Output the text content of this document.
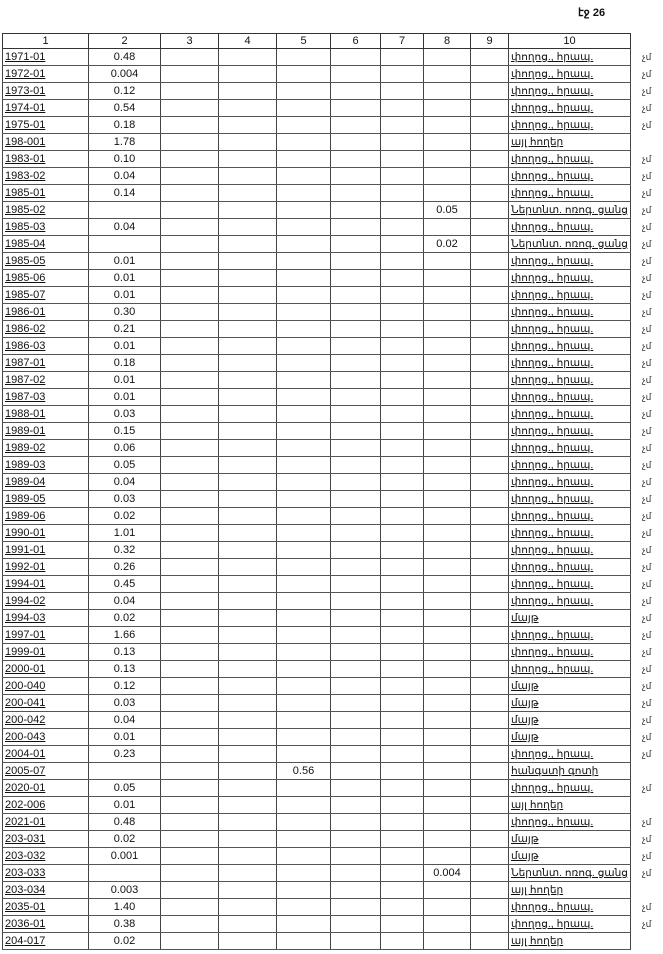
էջ 26
1	2	3	4	5	6	7	8	9	10
1971-01	0.48								փողոց., հրապ.
1972-01	0.004								փողոց., հրապ.
1973-01	0.12								փողոց., հրապ.
1974-01	0.54								փողոց., հրապ.
1975-01	0.18								փողոց., հրապ.
198-001	1.78								այլ հողեր
1983-01	0.10								փողոց., հրապ.
1983-02	0.04								փողոց., հրապ.
1985-01	0.14								փողոց., հրապ.
1985-02							0.05		Ներտնտ. ոռոգ. ցանց
1985-03	0.04								փողոց., հրապ.
1985-04							0.02		Ներտնտ. ոռոգ. ցանց
1985-05	0.01								փողոց., հրապ.
1985-06	0.01								փողոց., հրապ.
1985-07	0.01								փողոց., հրապ.
1986-01	0.30								փողոց., հրապ.
1986-02	0.21								փողոց., հրապ.
1986-03	0.01								փողոց., հրապ.
1987-01	0.18								փողոց., հրապ.
1987-02	0.01								փողոց., հրապ.
1987-03	0.01								փողոց., հրապ.
1988-01	0.03								փողոց., հրապ.
1989-01	0.15								փողոց., հրապ.
1989-02	0.06								փողոց., հրապ.
1989-03	0.05								փողոց., հրապ.
1989-04	0.04								փողոց., հրապ.
1989-05	0.03								փողոց., հրապ.
1989-06	0.02								փողոց., հրապ.
1990-01	1.01								փողոց., հրապ.
1991-01	0.32								փողոց., հրապ.
1992-01	0.26								փողոց., հրապ.
1994-01	0.45								փողոց., հրապ.
1994-02	0.04								փողոց., հրապ.
1994-03	0.02								մայթ
1997-01	1.66								փողոց., հրապ.
1999-01	0.13								փողոց., հրապ.
2000-01	0.13								փողոց., հրապ.
200-040	0.12								մայթ
200-041	0.03								մայթ
200-042	0.04								մայթ
200-043	0.01								մայթ
2004-01	0.23								փողոց., հրապ.
2005-07				0.56					հանգստի գոտի
2020-01	0.05								փողոց., հրապ.
202-006	0.01								այլ հողեր
2021-01	0.48								փողոց., հրապ.
203-031	0.02								մայթ
203-032	0.001								մայթ
203-033							0.004		Ներտնտ. ոռոգ. ցանց
203-034	0.003								այլ հողեր
2035-01	1.40								փողոց., հրապ.
2036-01	0.38								փողոց., հրապ.
204-017	0.02								այլ հողեր
չմ
չմ
չմ
չմ
չմ
չմ
չմ
չմ
չմ
չմ
չմ
չմ
չմ
չմ
չմ
չմ
չմ
չմ
չմ
չմ
չմ
չմ
չմ
չմ
չմ
չմ
չմ
չմ
չմ
չմ
չմ
չմ
չմ
չմ
չմ
չմ
չմ
չմ
չմ
չմ
չմ
չմ
չմ
չմ
չմ
չմ
չմ
չմ
